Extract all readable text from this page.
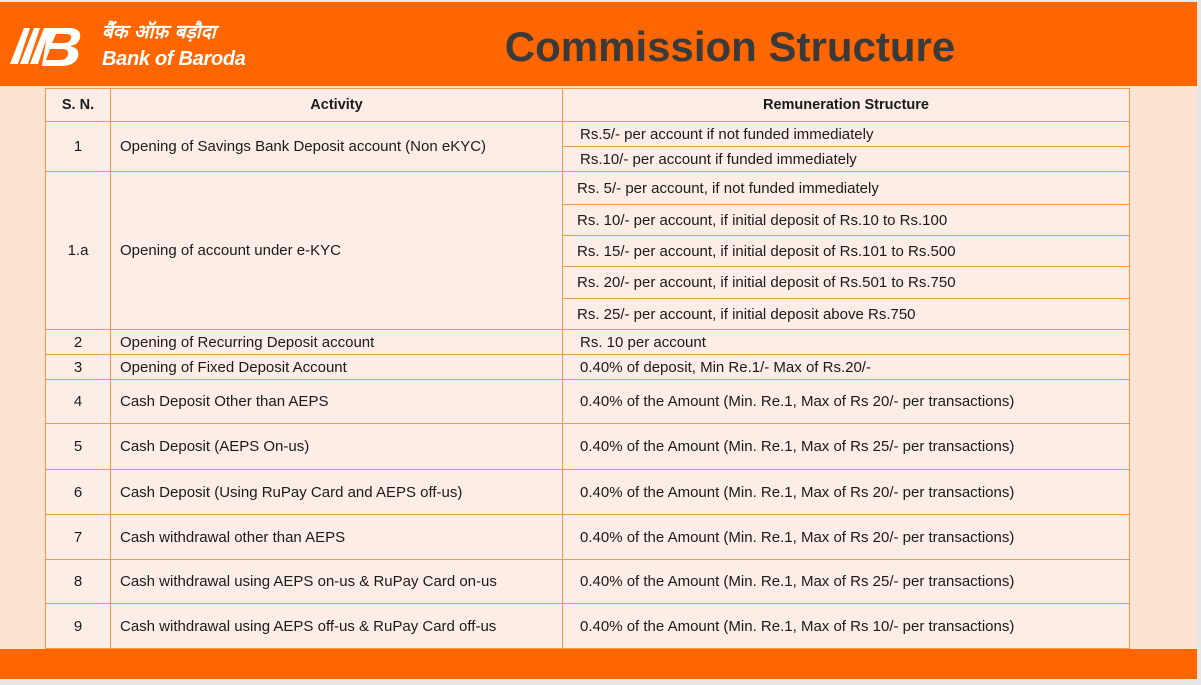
बैंक ऑफ़ बड़ौदा
Bank of Baroda	Commission Structure
S. N.	Activity	Remuneration Structure
1	Opening of Savings Bank Deposit account (Non eKYC)	Rs.5/- per account if not funded immediately
		Rs.10/- per account if funded immediately
1.a	Opening of account under e-KYC	Rs. 5/- per account, if not funded immediately
		Rs. 10/- per account, if initial deposit of Rs.10 to Rs.100
		Rs. 15/- per account, if initial deposit of Rs.101 to Rs.500
		Rs. 20/- per account, if initial deposit of Rs.501 to Rs.750
		Rs. 25/- per account, if initial deposit above Rs.750
2	Opening of Recurring Deposit account	Rs. 10 per account
3	Opening of Fixed Deposit Account	0.40% of deposit, Min Re.1/- Max of Rs.20/-
4	Cash Deposit Other than AEPS	0.40% of the Amount (Min. Re.1, Max of Rs 20/- per transactions)
5	Cash Deposit (AEPS On-us)	0.40% of the Amount (Min. Re.1, Max of Rs 25/- per transactions)
6	Cash Deposit (Using RuPay Card and AEPS off-us)	0.40% of the Amount (Min. Re.1, Max of Rs 20/- per transactions)
7	Cash withdrawal other than AEPS	0.40% of the Amount (Min. Re.1, Max of Rs 20/- per transactions)
8	Cash withdrawal using AEPS on-us & RuPay Card on-us	0.40% of the Amount (Min. Re.1, Max of Rs 25/- per transactions)
9	Cash withdrawal using AEPS off-us & RuPay Card off-us	0.40% of the Amount (Min. Re.1, Max of Rs 10/- per transactions)
